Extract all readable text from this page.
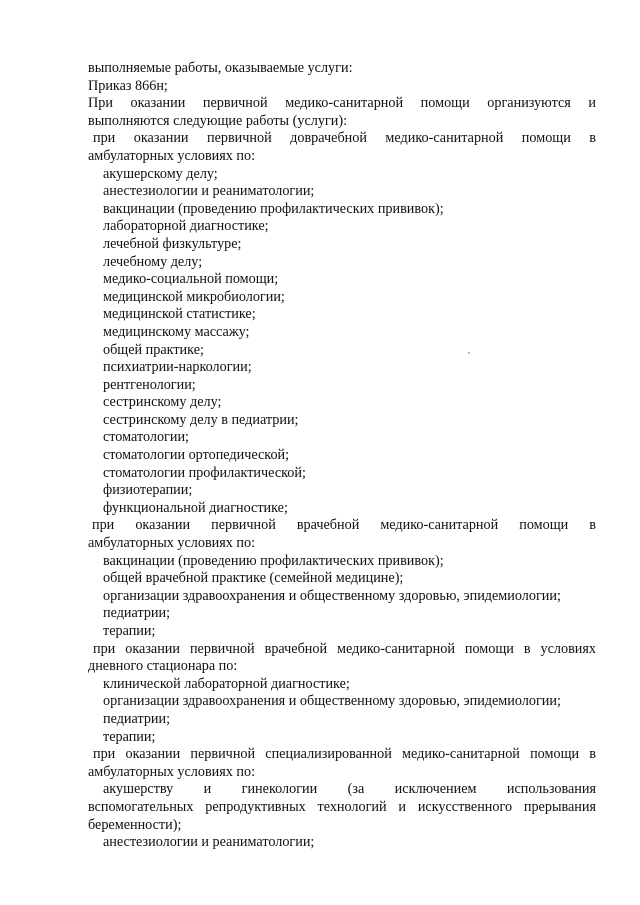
выполняемые работы, оказываемые услуги:
Приказ 866н;
При оказании первичной медико-санитарной помощи организуются и
выполняются следующие работы (услуги):
при оказании первичной доврачебной медико-санитарной помощи в
амбулаторных условиях по:
акушерскому делу;
анестезиологии и реаниматологии;
вакцинации (проведению профилактических прививок);
лабораторной диагностике;
лечебной физкультуре;
лечебному делу;
медико-социальной помощи;
медицинской микробиологии;
медицинской статистике;
медицинскому массажу;
общей практике;
психиатрии-наркологии;
рентгенологии;
сестринскому делу;
сестринскому делу в педиатрии;
стоматологии;
стоматологии ортопедической;
стоматологии профилактической;
физиотерапии;
функциональной диагностике;
при оказании первичной врачебной медико-санитарной помощи в
амбулаторных условиях по:
вакцинации (проведению профилактических прививок);
общей врачебной практике (семейной медицине);
организации здравоохранения и общественному здоровью, эпидемиологии;
педиатрии;
терапии;
при оказании первичной врачебной медико-санитарной помощи в условиях
дневного стационара по:
клинической лабораторной диагностике;
организации здравоохранения и общественному здоровью, эпидемиологии;
педиатрии;
терапии;
при оказании первичной специализированной медико-санитарной помощи в
амбулаторных условиях по:
акушерству и гинекологии (за исключением использования
вспомогательных репродуктивных технологий и искусственного прерывания
беременности);
анестезиологии и реаниматологии;
